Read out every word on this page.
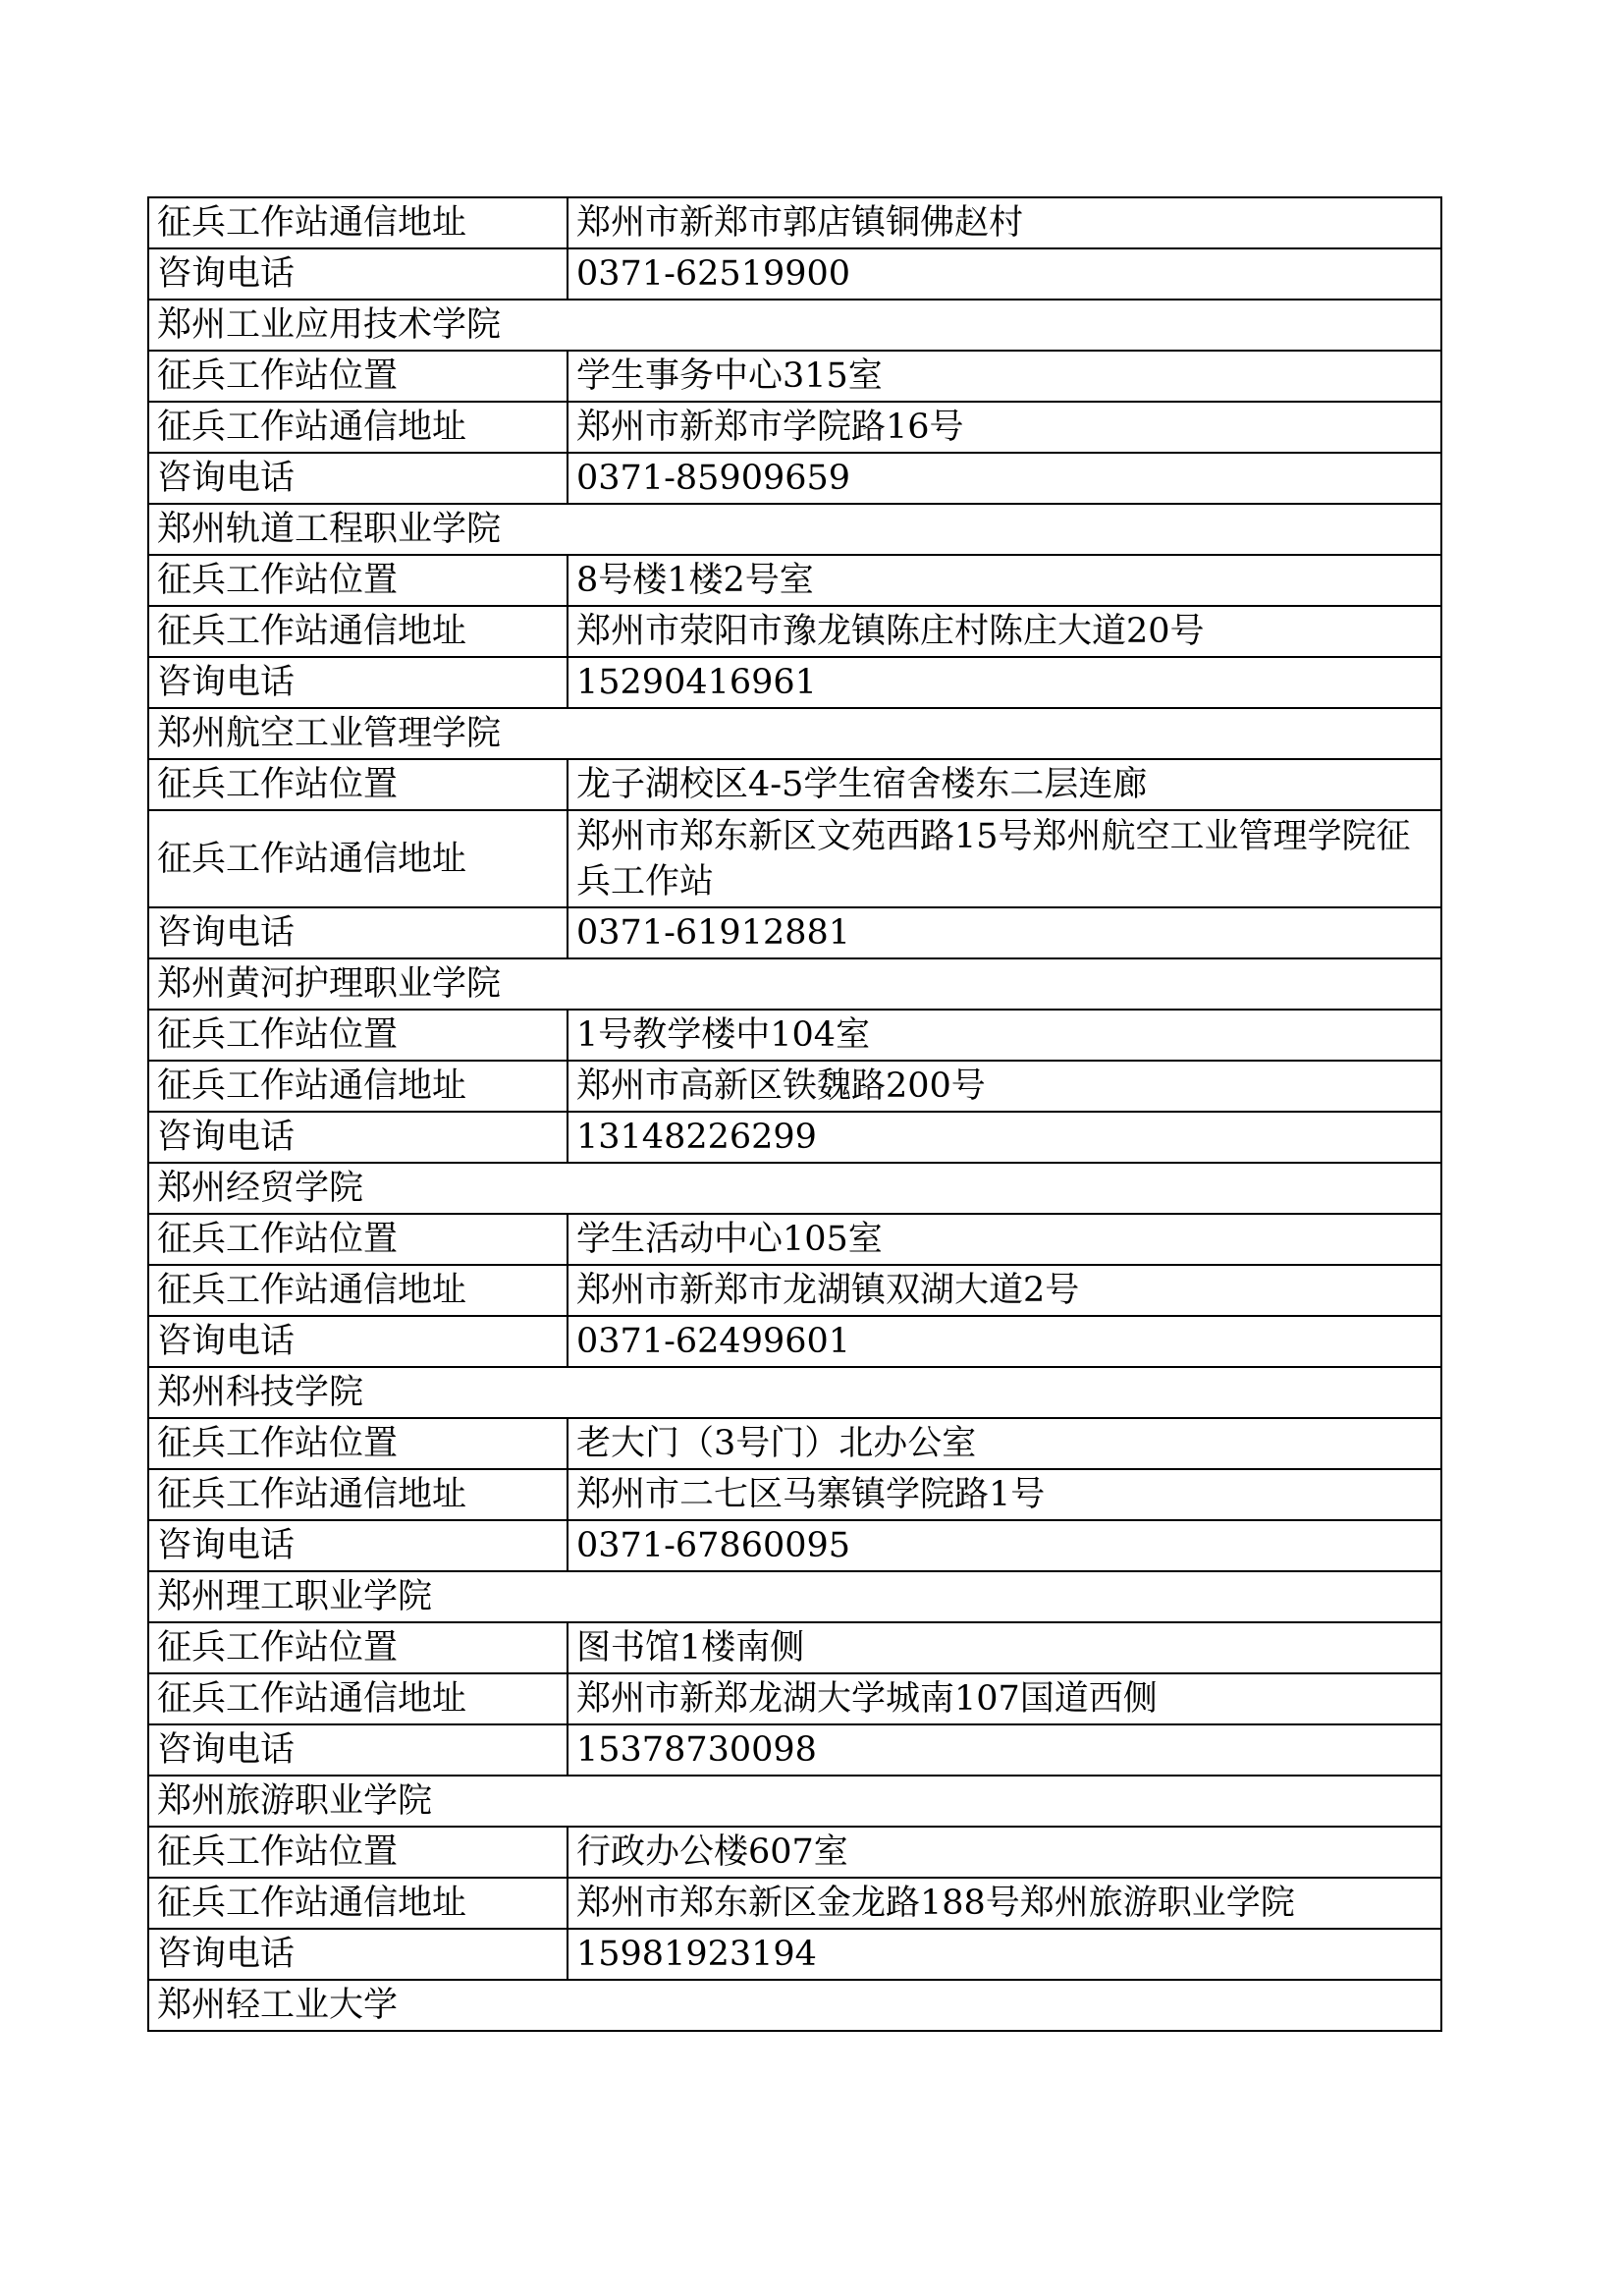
征兵工作站通信地址	郑州市新郑市郭店镇铜佛赵村
咨询电话	0371-62519900
郑州工业应用技术学院	
征兵工作站位置	学生事务中心315室
征兵工作站通信地址	郑州市新郑市学院路16号
咨询电话	0371-85909659
郑州轨道工程职业学院	
征兵工作站位置	8号楼1楼2号室
征兵工作站通信地址	郑州市荥阳市豫龙镇陈庄村陈庄大道20号
咨询电话	15290416961
郑州航空工业管理学院	
征兵工作站位置	龙子湖校区4-5学生宿舍楼东二层连廊
征兵工作站通信地址	郑州市郑东新区文苑西路15号郑州航空工业管理学院征兵工作站
咨询电话	0371-61912881
郑州黄河护理职业学院	
征兵工作站位置	1号教学楼中104室
征兵工作站通信地址	郑州市高新区铁魏路200号
咨询电话	13148226299
郑州经贸学院	
征兵工作站位置	学生活动中心105室
征兵工作站通信地址	郑州市新郑市龙湖镇双湖大道2号
咨询电话	0371-62499601
郑州科技学院	
征兵工作站位置	老大门（3号门）北办公室
征兵工作站通信地址	郑州市二七区马寨镇学院路1号
咨询电话	0371-67860095
郑州理工职业学院	
征兵工作站位置	图书馆1楼南侧
征兵工作站通信地址	郑州市新郑龙湖大学城南107国道西侧
咨询电话	15378730098
郑州旅游职业学院	
征兵工作站位置	行政办公楼607室
征兵工作站通信地址	郑州市郑东新区金龙路188号郑州旅游职业学院
咨询电话	15981923194
郑州轻工业大学	
